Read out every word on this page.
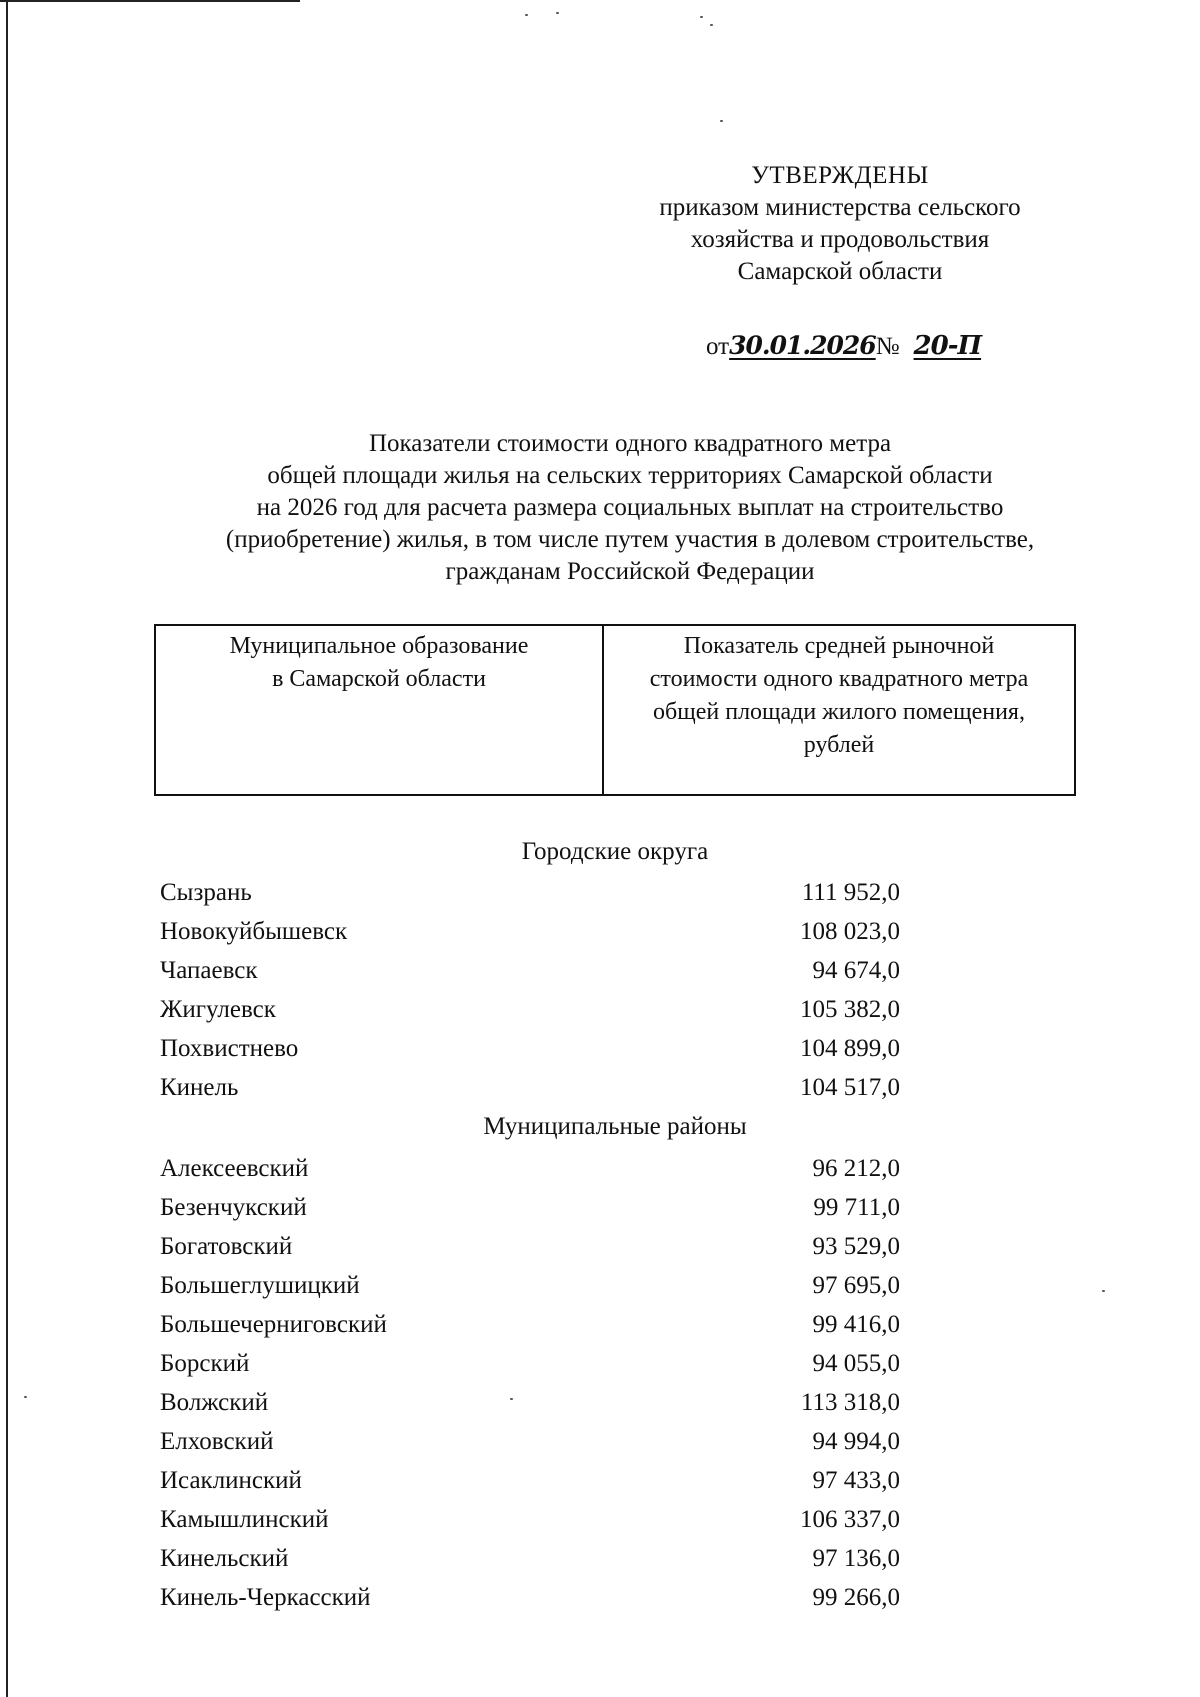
УТВЕРЖДЕНЫ
приказом министерства сельского
хозяйства и продовольствия
Самарской области
от30.01.2026№ 20-П
Показатели стоимости одного квадратного метра
общей площади жилья на сельских территориях Самарской области
на 2026 год для расчета размера социальных выплат на строительство
(приобретение) жилья, в том числе путем участия в долевом строительстве,
гражданам Российской Федерации
Муниципальное образование
в Самарской области
Показатель средней рыночной
стоимости одного квадратного метра
общей площади жилого помещения,
рублей
Городские округа
Сызрань	111 952,0
Новокуйбышевск	108 023,0
Чапаевск	94 674,0
Жигулевск	105 382,0
Похвистнево	104 899,0
Кинель	104 517,0
Муниципальные районы
Алексеевский	96 212,0
Безенчукский	99 711,0
Богатовский	93 529,0
Большеглушицкий	97 695,0
Большечерниговский	99 416,0
Борский	94 055,0
Волжский	113 318,0
Елховский	94 994,0
Исаклинский	97 433,0
Камышлинский	106 337,0
Кинельский	97 136,0
Кинель-Черкасский	99 266,0
